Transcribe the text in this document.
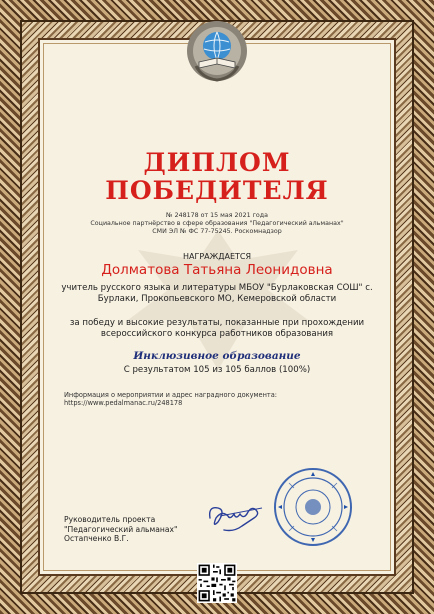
ДИПЛОМ
ПОБЕДИТЕЛЯ
№ 248178 от 15 мая 2021 года
Социальное партнёрство в сфере образования "Педагогический альманах"
СМИ ЭЛ № ФС 77-75245. Роскомнадзор
НАГРАЖДАЕТСЯ
Долматова Татьяна Леонидовна
учитель русского языка и литературы МБОУ "Бурлаковская СОШ" с.
Бурлаки, Прокопьевского МО, Кемеровской области
за победу и высокие результаты, показанные при прохождении
всероссийского конкурса работников образования
Инклюзивное образование
С результатом 105 из 105 баллов (100%)
Информация о мероприятии и адрес наградного документа:
https://www.pedalmanac.ru/248178
Руководитель проекта
"Педагогический альманах"
Остапченко В.Г.
